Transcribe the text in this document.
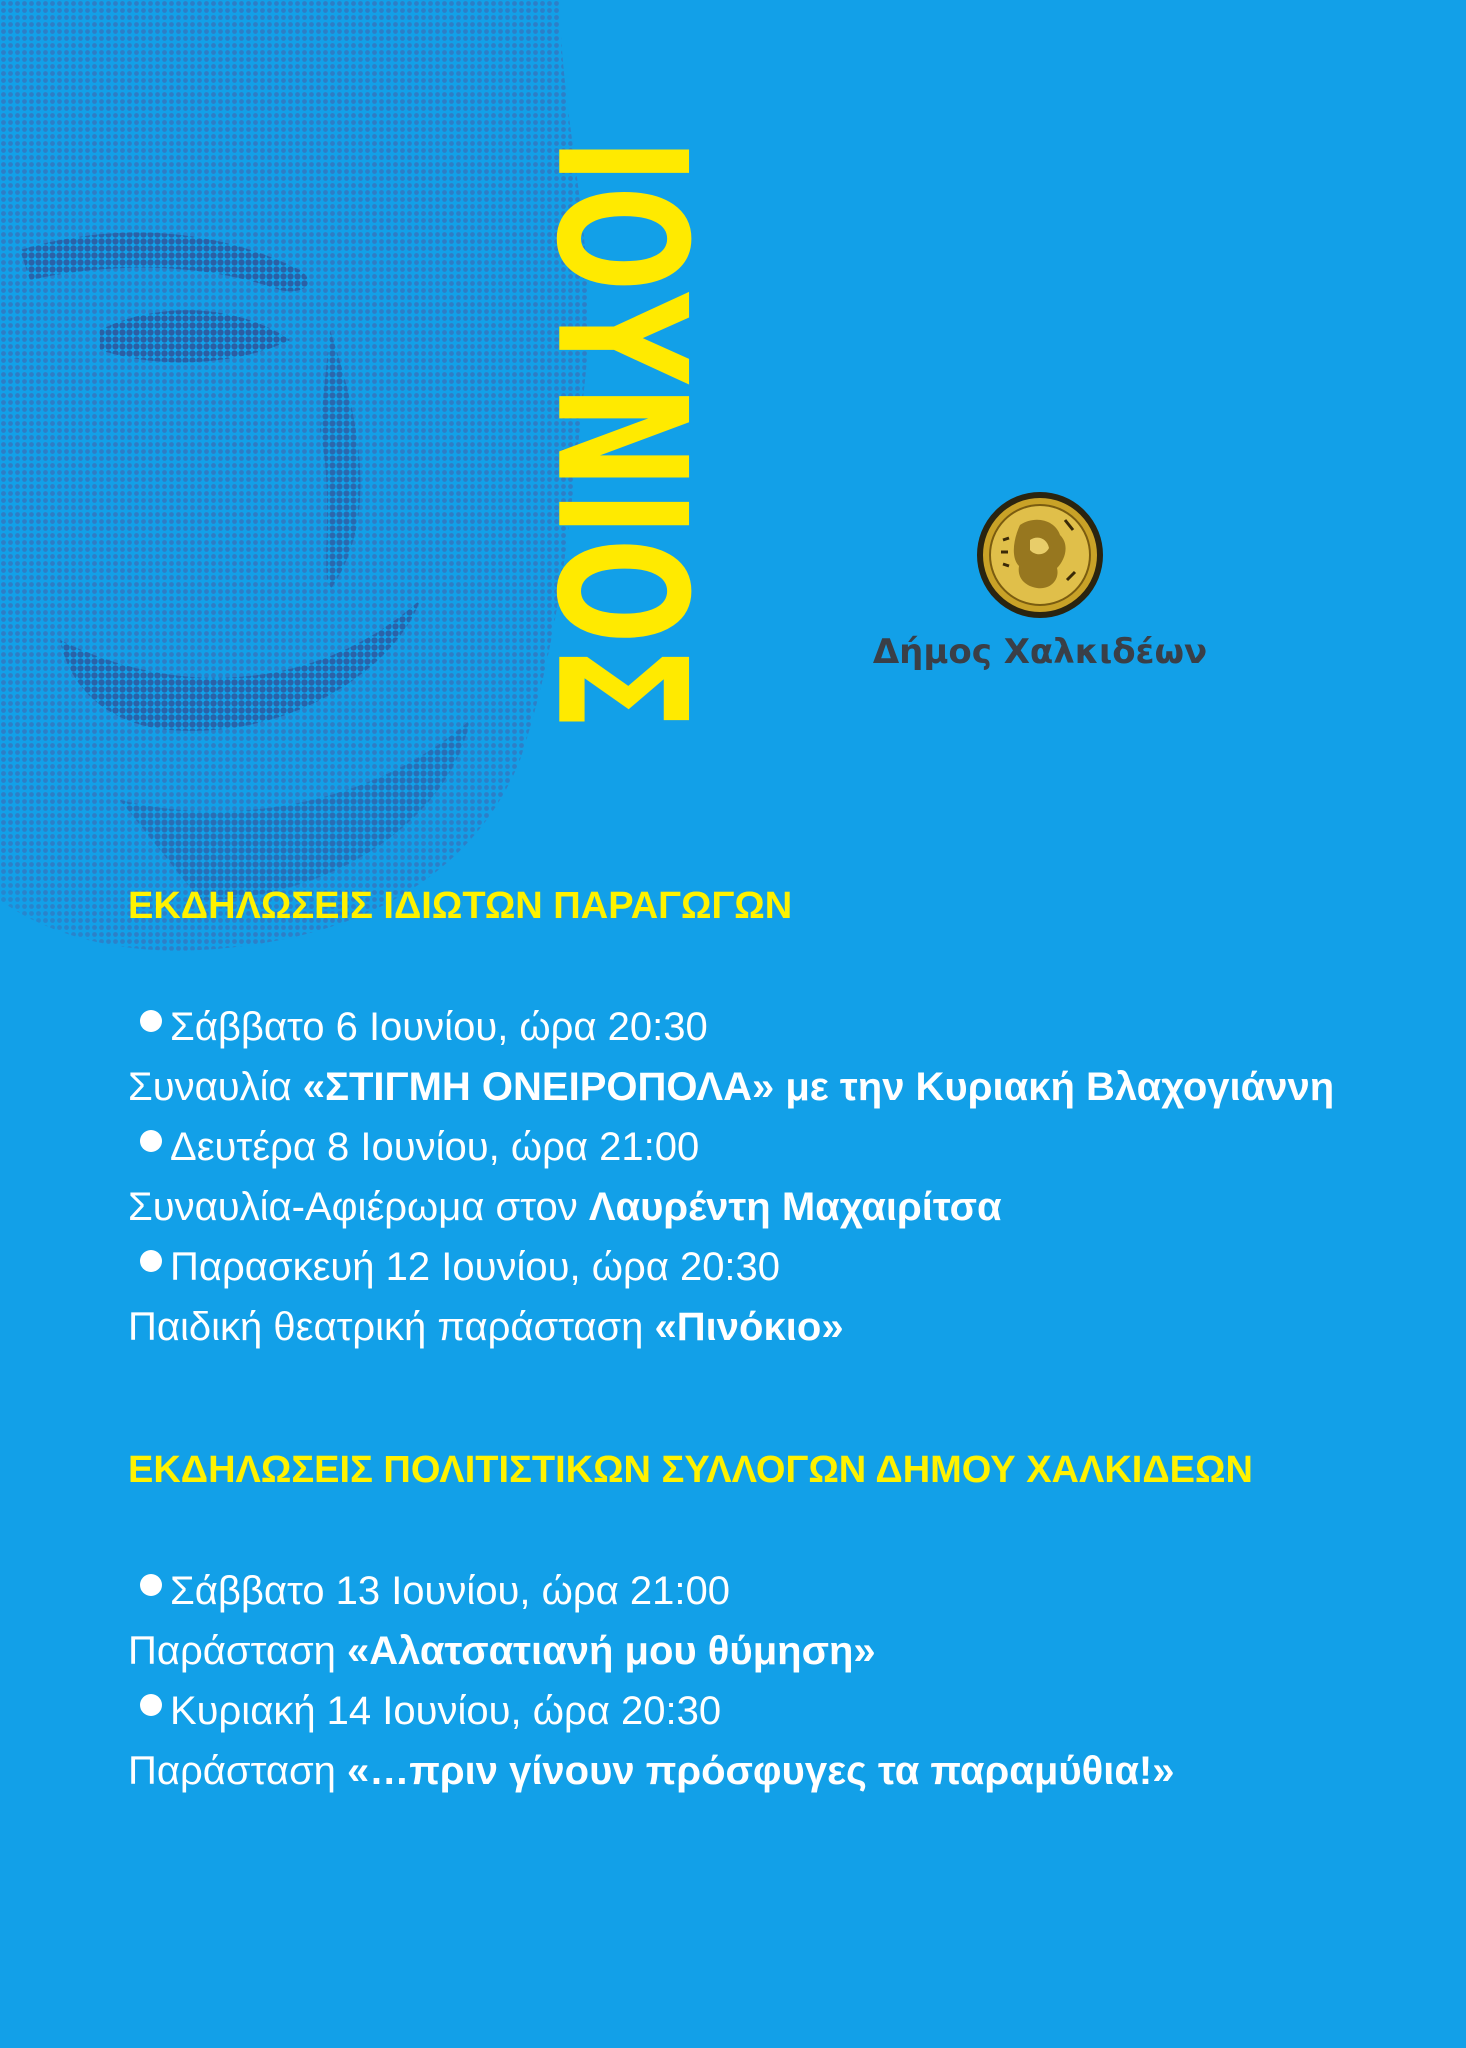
ΙΟΥΝΙΟΣ	Δήμος Χαλκιδέων
ΕΚΔΗΛΩΣΕΙΣ ΙΔΙΩΤΩΝ ΠΑΡΑΓΩΓΩΝ
Σάββατο 6 Ιουνίου, ώρα 20:30
Συναυλία «ΣΤΙΓΜΗ ΟΝΕΙΡΟΠΟΛΑ» με την Κυριακή Βλαχογιάννη
Δευτέρα 8 Ιουνίου, ώρα 21:00
Συναυλία-Αφιέρωμα στον Λαυρέντη Μαχαιρίτσα
Παρασκευή 12 Ιουνίου, ώρα 20:30
Παιδική θεατρική παράσταση «Πινόκιο»
ΕΚΔΗΛΩΣΕΙΣ ΠΟΛΙΤΙΣΤΙΚΩΝ ΣΥΛΛΟΓΩΝ ΔΗΜΟΥ ΧΑΛΚΙΔΕΩΝ
Σάββατο 13 Ιουνίου, ώρα 21:00
Παράσταση «Αλατσατιανή μου θύμηση»
Κυριακή 14 Ιουνίου, ώρα 20:30
Παράσταση «…πριν γίνουν πρόσφυγες τα παραμύθια!»
